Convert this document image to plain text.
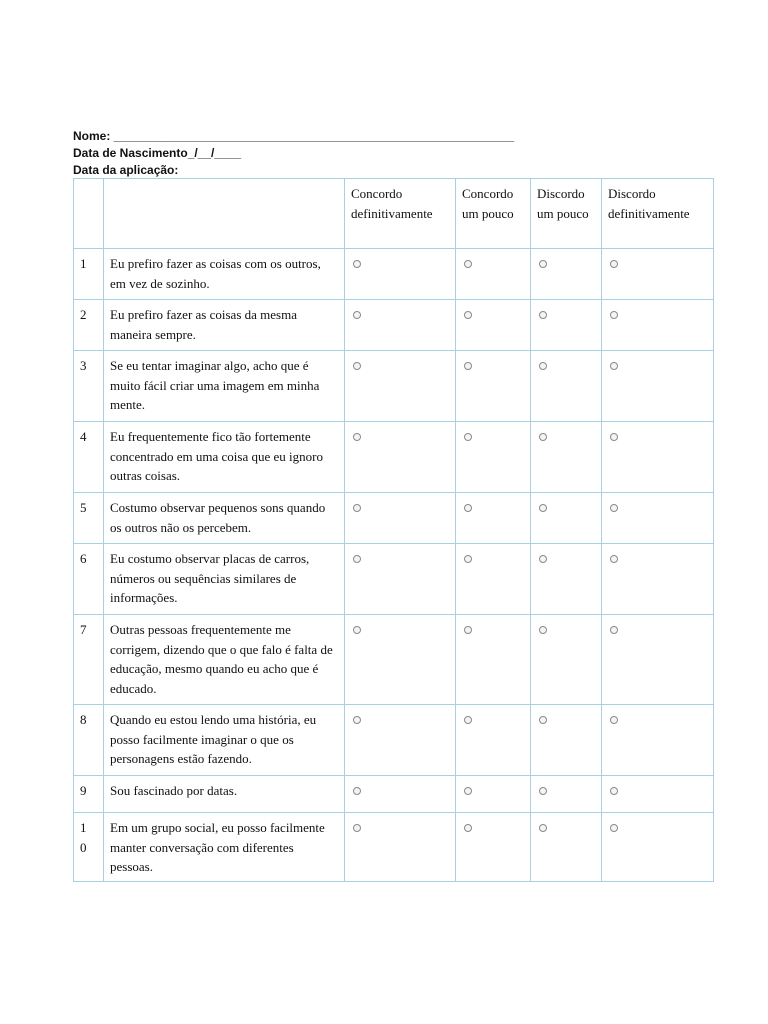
Nome: ____________________________________________________________
Data de Nascimento_/__/____
Data da aplicação:
		Concordo definitivamente	Concordo um pouco	Discordo um pouco	Discordo definitivamente

1	Eu prefiro fazer as coisas com os outros, em vez de sozinho.				

2	Eu prefiro fazer as coisas da mesma maneira sempre.				

3	Se eu tentar imaginar algo, acho que é muito fácil criar uma imagem em minha mente.				

4	Eu frequentemente fico tão fortemente concentrado em uma coisa que eu ignoro outras coisas.				

5	Costumo observar pequenos sons quando os outros não os percebem.				

6	Eu costumo observar placas de carros, números ou sequências similares de informações.				

7	Outras pessoas frequentemente me corrigem, dizendo que o que falo é falta de educação, mesmo quando eu acho que é educado.				

8	Quando eu estou lendo uma história, eu posso facilmente imaginar o que os personagens estão fazendo.				

9	Sou fascinado por datas.				

10	Em um grupo social, eu posso facilmente manter conversação com diferentes pessoas.				
